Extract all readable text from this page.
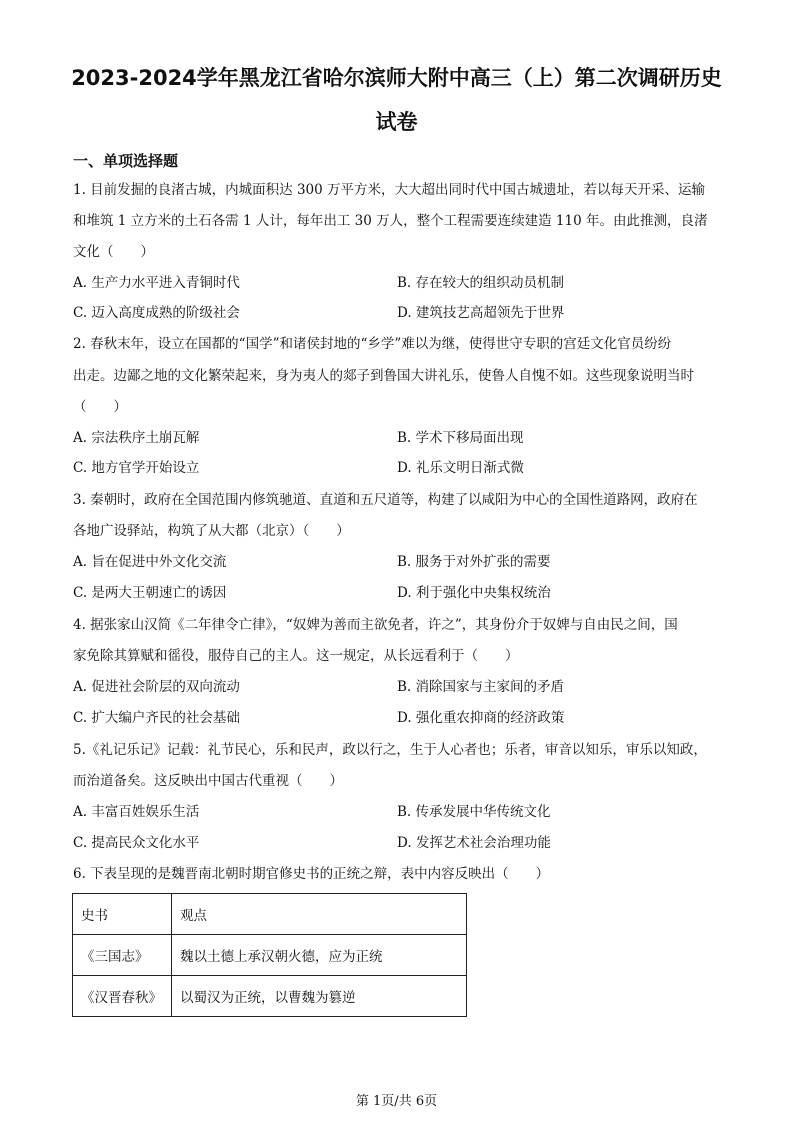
2023-2024学年黑龙江省哈尔滨师大附中高三（上）第二次调研历史
试卷
一、单项选择题
1. 目前发掘的良渚古城，内城面积达 300 万平方米，大大超出同时代中国古城遗址，若以每天开采、运输
和堆筑 1 立方米的土石各需 1 人计，每年出工 30 万人，整个工程需要连续建造 110 年。由此推测，良渚
文化（　　）
A. 生产力水平进入青铜时代	B. 存在较大的组织动员机制
C. 迈入高度成熟的阶级社会	D. 建筑技艺高超领先于世界
2. 春秋末年，设立在国都的“国学”和诸侯封地的“乡学”难以为继，使得世守专职的宫廷文化官员纷纷
出走。边鄙之地的文化繁荣起来，身为夷人的郯子到鲁国大讲礼乐，使鲁人自愧不如。这些现象说明当时
（　　）
A. 宗法秩序土崩瓦解	B. 学术下移局面出现
C. 地方官学开始设立	D. 礼乐文明日渐式微
3. 秦朝时，政府在全国范围内修筑驰道、直道和五尺道等，构建了以咸阳为中心的全国性道路网，政府在
各地广设驿站，构筑了从大都（北京）（　　）
A. 旨在促进中外文化交流	B. 服务于对外扩张的需要
C. 是两大王朝速亡的诱因	D. 利于强化中央集权统治
4. 据张家山汉简《二年律令亡律》，“奴婢为善而主欲免者，许之”，其身份介于奴婢与自由民之间，国
家免除其算赋和徭役，服侍自己的主人。这一规定，从长远看利于（　　）
A. 促进社会阶层的双向流动	B. 消除国家与主家间的矛盾
C. 扩大编户齐民的社会基础	D. 强化重农抑商的经济政策
5.《礼记乐记》记载：礼节民心，乐和民声，政以行之，生于人心者也；乐者，审音以知乐，审乐以知政，
而治道备矣。这反映出中国古代重视（　　）
A. 丰富百姓娱乐生活	B. 传承发展中华传统文化
C. 提高民众文化水平	D. 发挥艺术社会治理功能
6. 下表呈现的是魏晋南北朝时期官修史书的正统之辩，表中内容反映出（　　）
史书	观点
《三国志》	魏以土德上承汉朝火德，应为正统
《汉晋春秋》	以蜀汉为正统，以曹魏为篡逆
第 1页/共 6页
